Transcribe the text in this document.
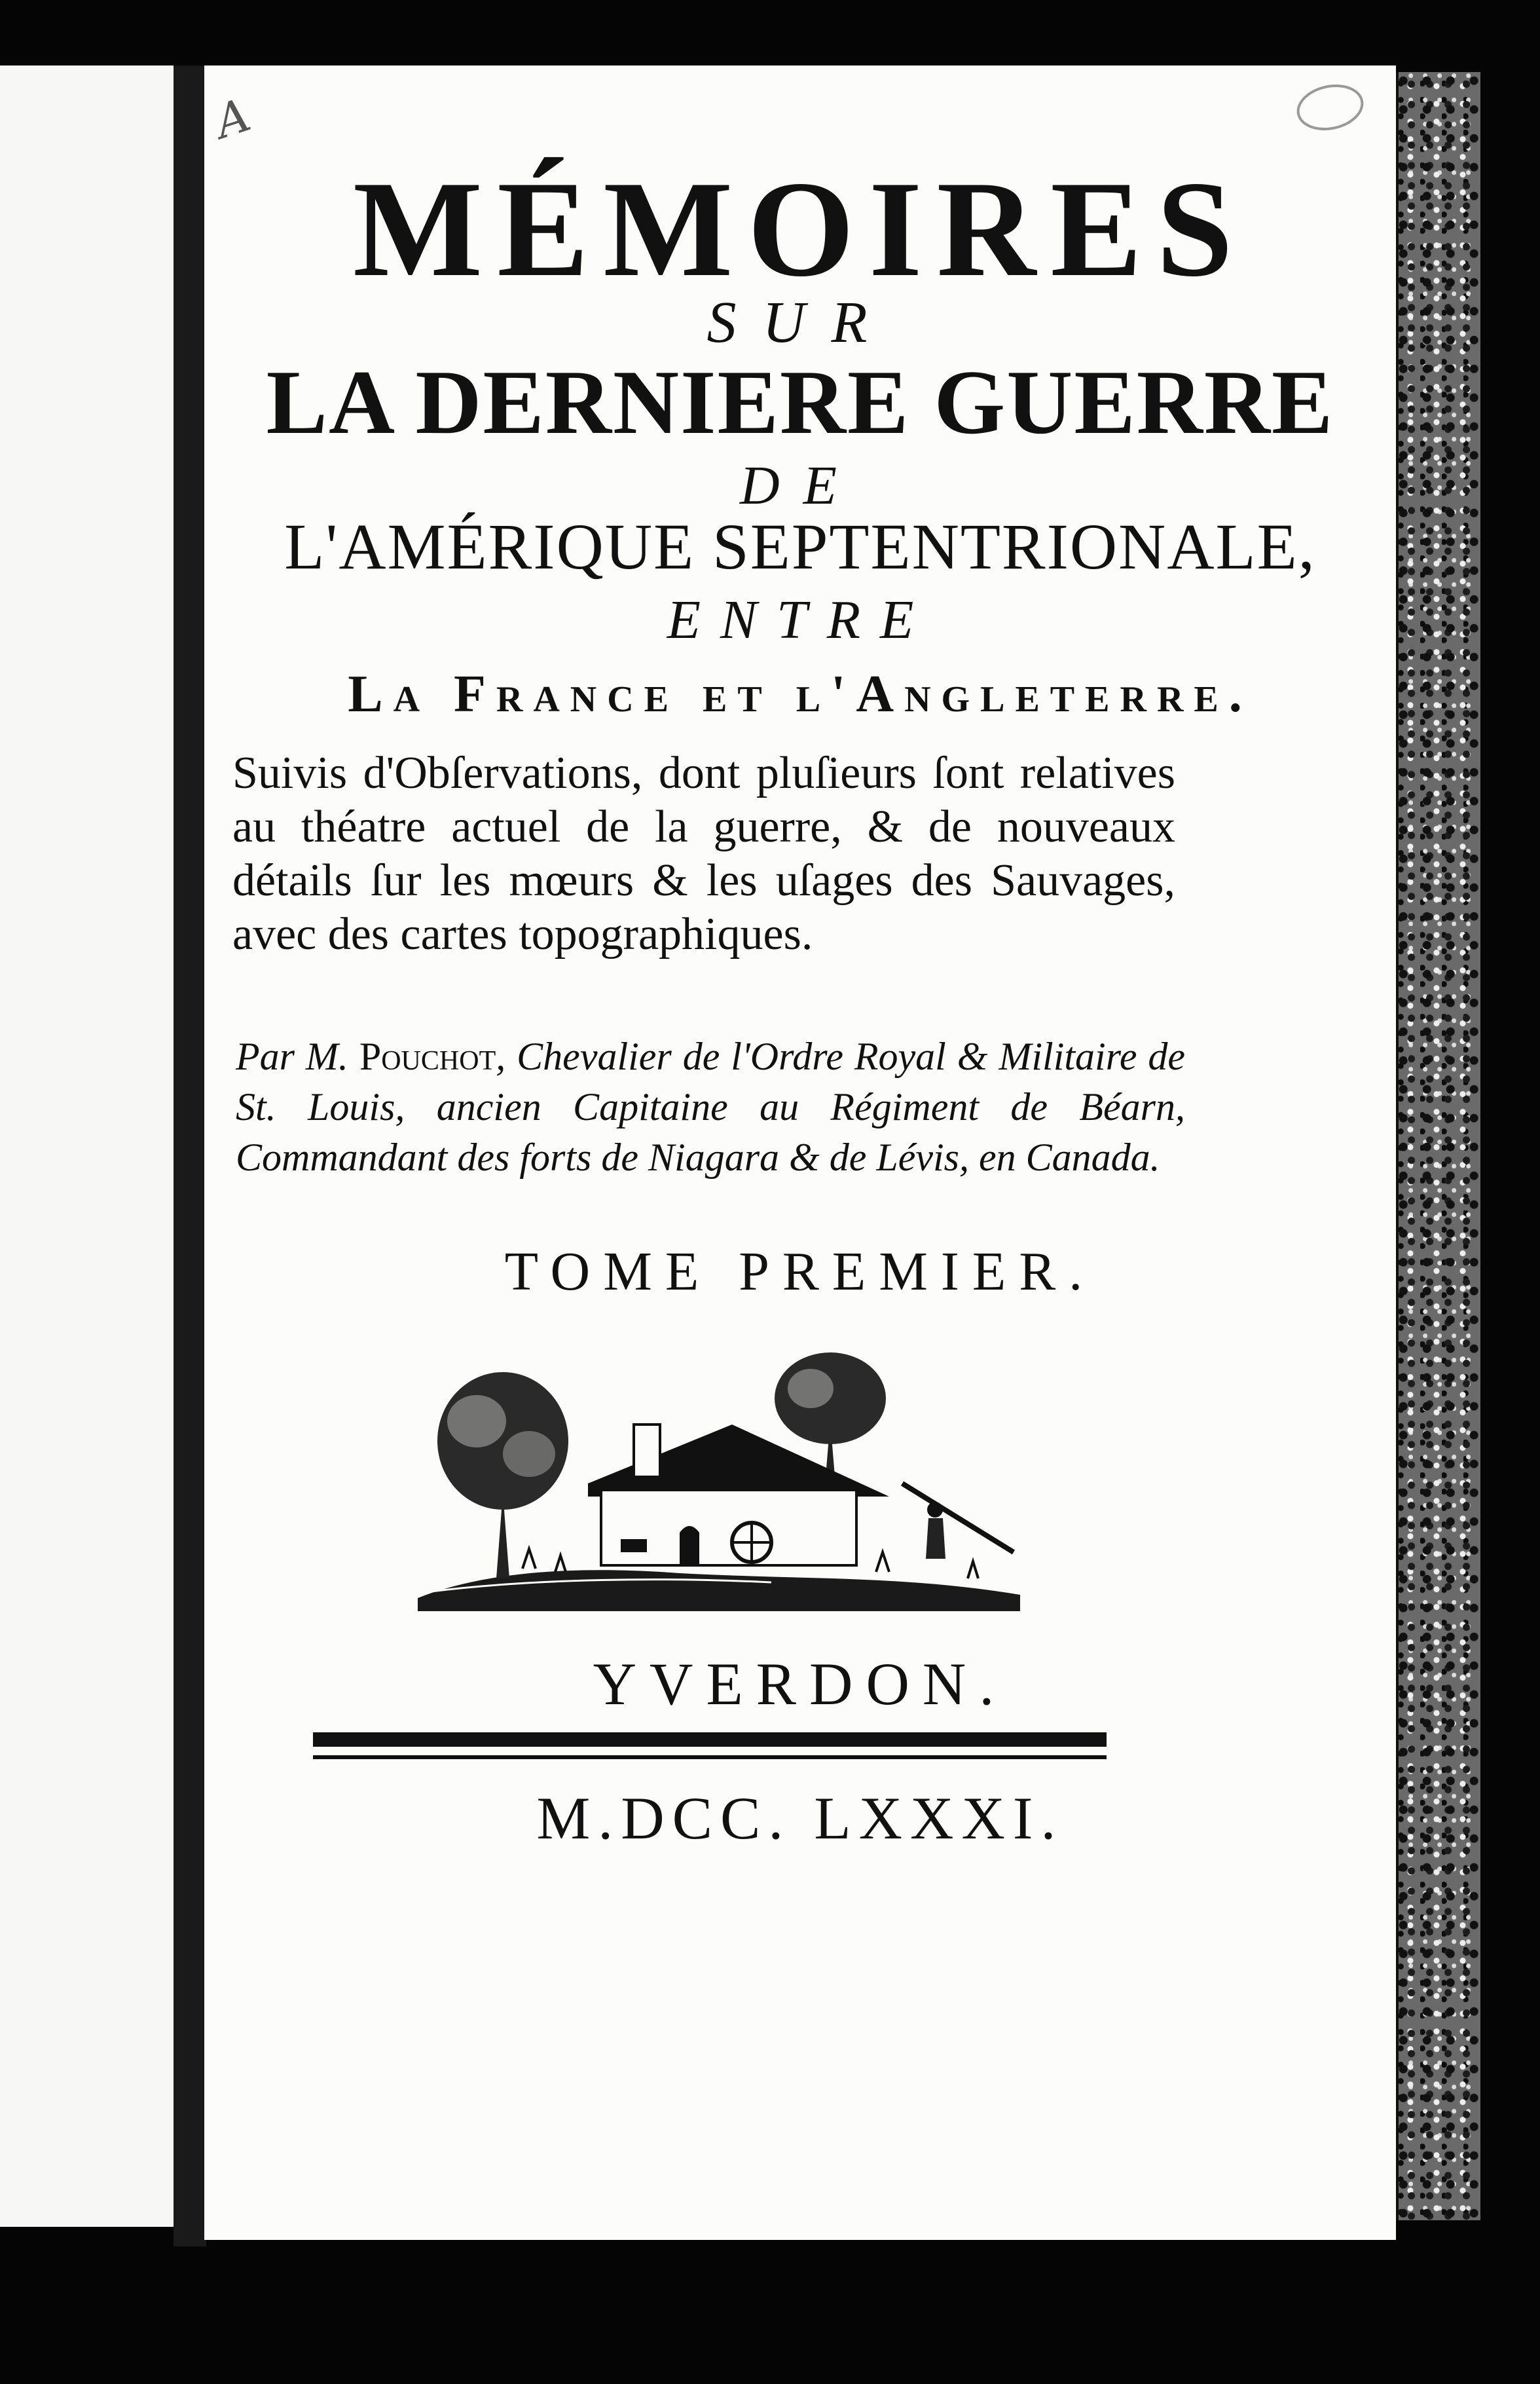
A
MÉMOIRES
SUR
LA DERNIERE GUERRE
DE
L'AMÉRIQUE SEPTENTRIONALE,
ENTRE
La France et l'Angleterre.
Suivis d'Obſervations, dont pluſieurs ſont relatives au théatre actuel de la guerre, & de nouveaux détails ſur les mœurs & les uſages des Sauvages, avec des cartes topographiques.
Par M. Pouchot, Chevalier de l'Ordre Royal & Militaire de St. Louis, ancien Capitaine au Régiment de Béarn, Commandant des forts de Niagara & de Lévis, en Canada.
TOME PREMIER.
YVERDON.
M.DCC. LXXXI.
